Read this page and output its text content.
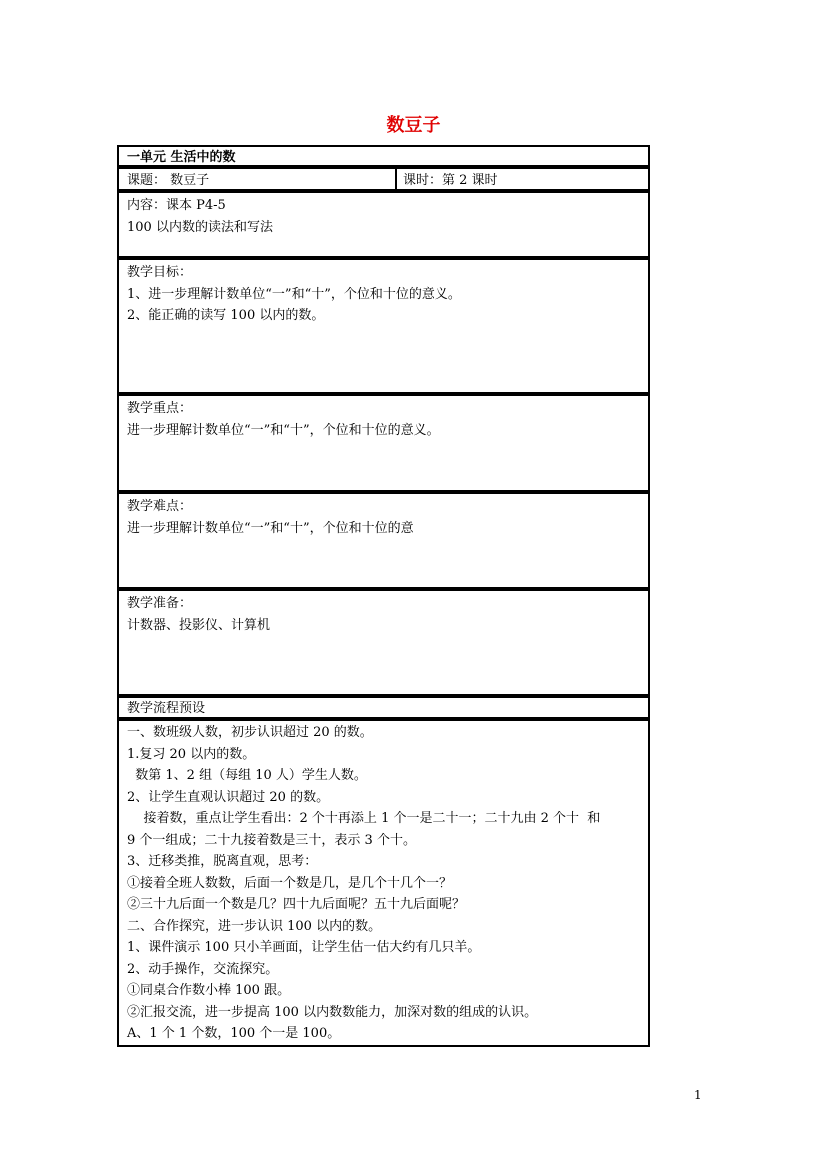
数豆子
一单元 生活中的数
课题： 数豆子	课时：第 2 课时
内容：课本 P4-5
100 以内数的读法和写法
教学目标：
1、进一步理解计数单位“一”和“十”，个位和十位的意义。
2、能正确的读写 100 以内的数。
教学重点：
进一步理解计数单位“一”和“十”，个位和十位的意义。
教学难点：
进一步理解计数单位“一”和“十”，个位和十位的意
教学准备：
计数器、投影仪、计算机
教学流程预设
一、数班级人数，初步认识超过 20 的数。
1.复习 20 以内的数。
数第 1、2 组（每组 10 人）学生人数。
2、让学生直观认识超过 20 的数。
接着数，重点让学生看出：2 个十再添上 1 个一是二十一；二十九由 2 个十  和
9 个一组成；二十九接着数是三十，表示 3 个十。
3、迁移类推，脱离直观，思考：
①接着全班人数数，后面一个数是几，是几个十几个一？
②三十九后面一个数是几？四十九后面呢？五十九后面呢？
二、合作探究，进一步认识 100 以内的数。
1、课件演示 100 只小羊画面，让学生估一估大约有几只羊。
2、动手操作，交流探究。
①同桌合作数小棒 100 跟。
②汇报交流，进一步提高 100 以内数数能力，加深对数的组成的认识。
A、1 个 1 个数，100 个一是 100。
1
